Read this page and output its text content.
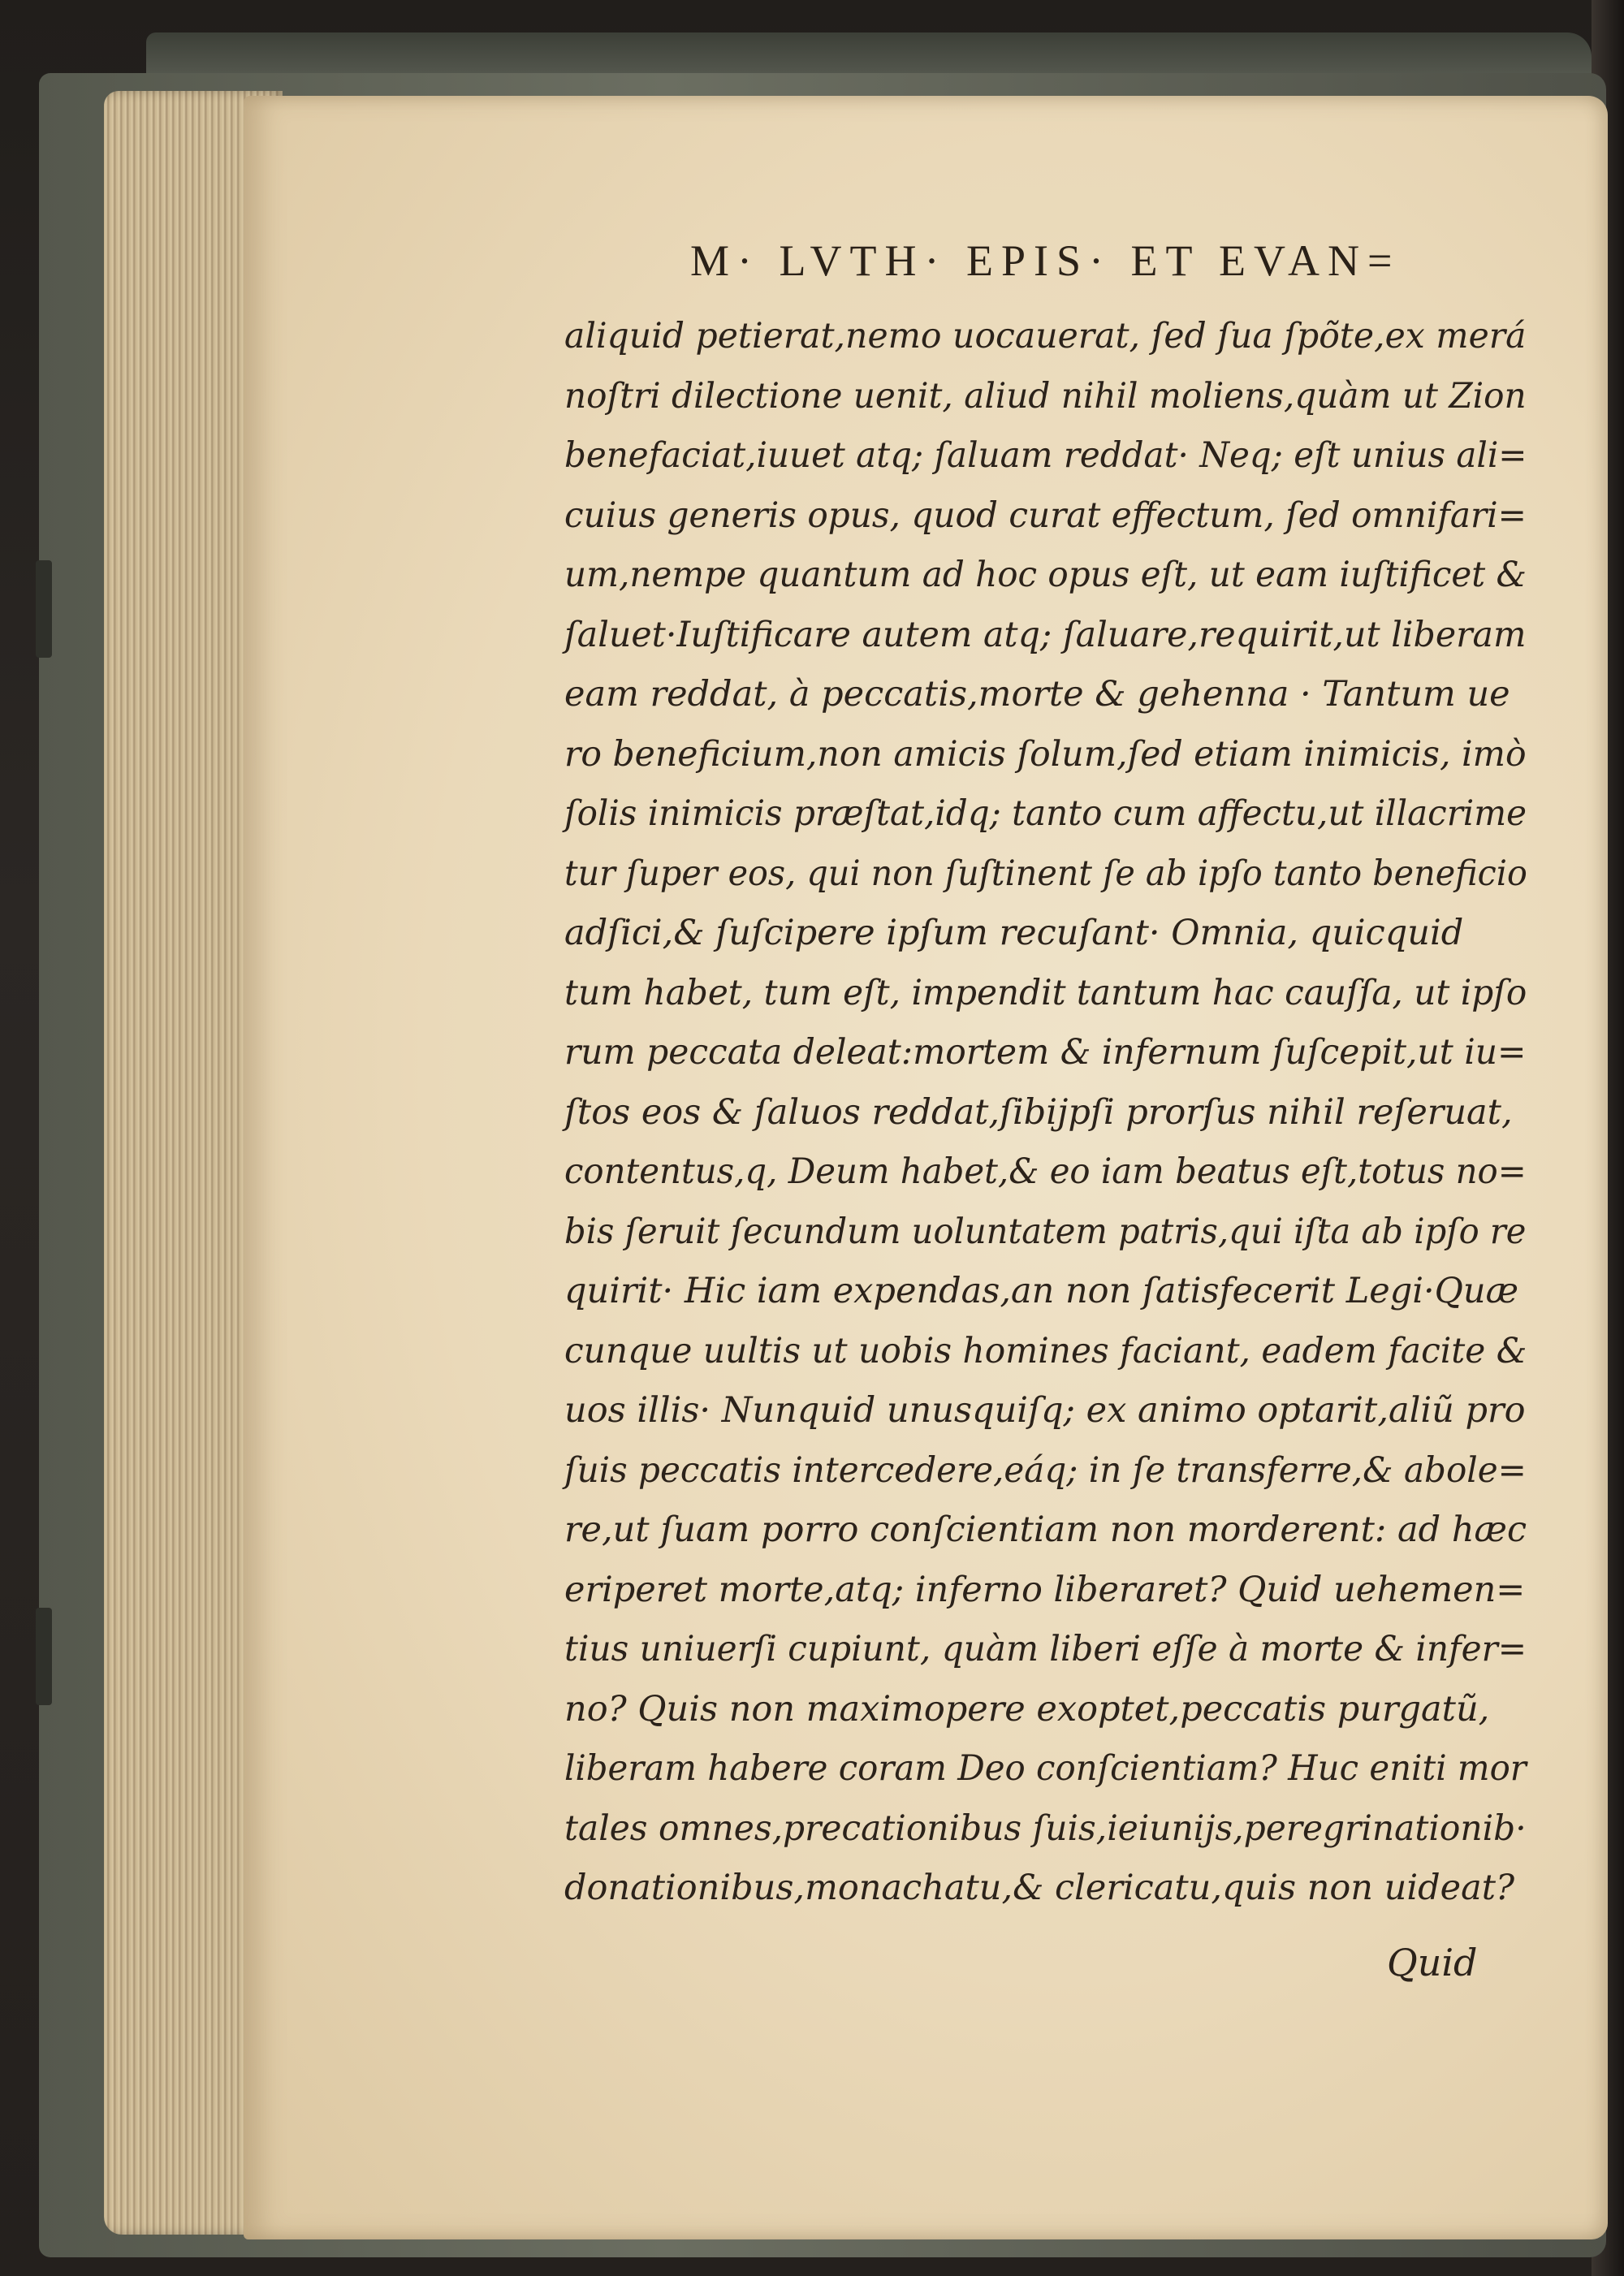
M· LVTH· EPIS· ET EVAN=

aliquid petierat,nemo uocauerat, ſed ſua ſpõte,ex merá
noſtri dilectione uenit, aliud nihil moliens,quàm ut Zion
benefaciat,iuuet atq; ſaluam reddat· Neq; eſt unius ali=
cuius generis opus, quod curat effectum, ſed omnifari=
um,nempe quantum ad hoc opus eſt, ut eam iuſtificet &
ſaluet·Iuſtificare autem atq; ſaluare,requirit,ut liberam
eam reddat, à peccatis,morte & gehenna · Tantum ue
ro beneficium,non amicis ſolum,ſed etiam inimicis, imò
ſolis inimicis præſtat,idq; tanto cum affectu,ut illacrime
tur ſuper eos, qui non ſuſtinent ſe ab ipſo tanto beneficio
adſici,& ſuſcipere ipſum recuſant· Omnia, quicquid
tum habet, tum eſt, impendit tantum hac cauſſa, ut ipſo
rum peccata deleat:mortem & infernum ſuſcepit,ut iu=
ſtos eos & ſaluos reddat,ſibijpſi prorſus nihil reſeruat,
contentus,q, Deum habet,& eo iam beatus eſt,totus no=
bis ſeruit ſecundum uoluntatem patris,qui iſta ab ipſo re
quirit· Hic iam expendas,an non ſatisfecerit Legi·Quæ
cunque uultis ut uobis homines faciant, eadem facite &
uos illis· Nunquid unusquiſq; ex animo optarit,aliũ pro
ſuis peccatis intercedere,eáq; in ſe transferre,& abole=
re,ut ſuam porro conſcientiam non morderent: ad hæc
eriperet morte,atq; inferno liberaret? Quid uehemen=
tius uniuerſi cupiunt, quàm liberi eſſe à morte & infer=
no? Quis non maximopere exoptet,peccatis purgatũ,
liberam habere coram Deo conſcientiam? Huc eniti mor
tales omnes,precationibus ſuis,ieiunijs,peregrinationib·
donationibus,monachatu,& clericatu,quis non uideat?
Quid
